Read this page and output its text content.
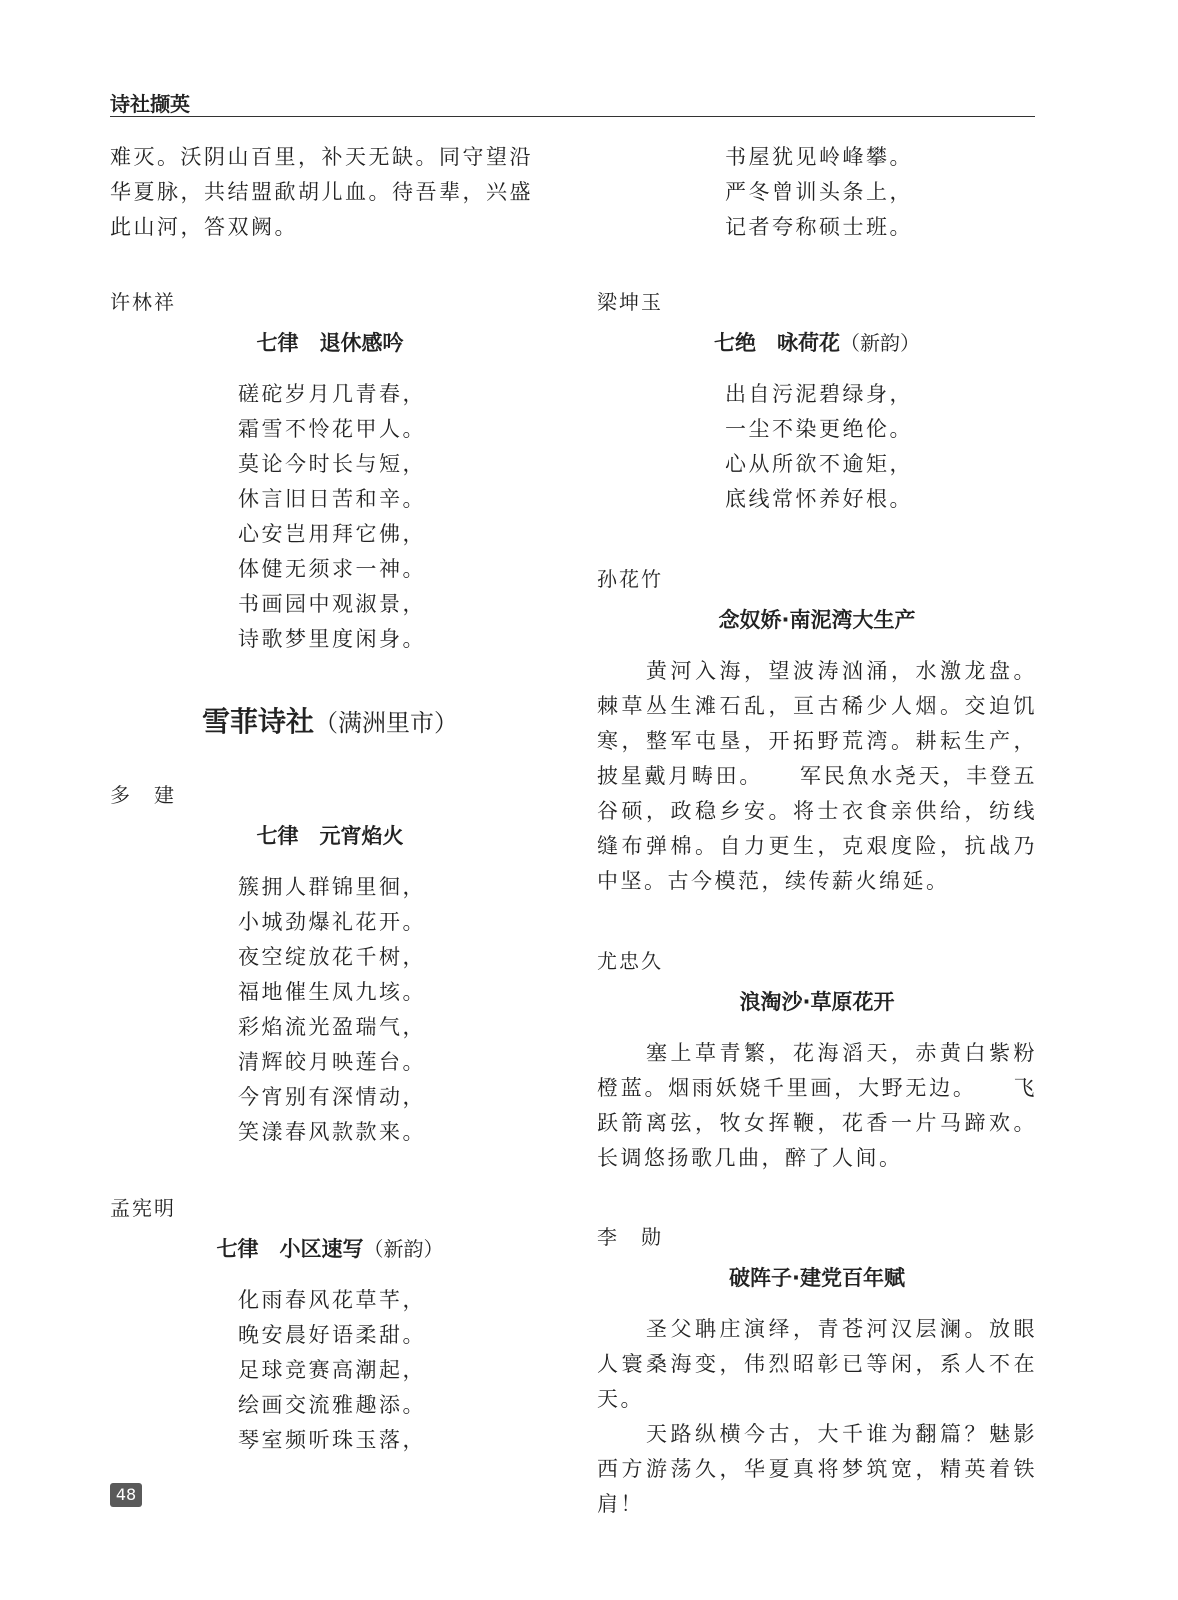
诗社撷英
难灭。沃阴山百里，补天无缺。同守望沿
华夏脉，共结盟歃胡儿血。待吾辈，兴盛
此山河，答双阙。

许林祥

七律　退休感吟
磋砣岁月几青春，
霜雪不怜花甲人。
莫论今时长与短，
休言旧日苦和辛。
心安岂用拜它佛，
体健无须求一神。
书画园中观淑景，
诗歌梦里度闲身。

雪菲诗社（满洲里市）

多　建

七律　元宵焰火
簇拥人群锦里徊，
小城劲爆礼花开。
夜空绽放花千树，
福地催生凤九垓。
彩焰流光盈瑞气，
清辉皎月映莲台。
今宵别有深情动，
笑漾春风款款来。

孟宪明

七律　小区速写（新韵）
化雨春风花草芊，
晚安晨好语柔甜。
足球竞赛高潮起，
绘画交流雅趣添。
琴室频听珠玉落，
书屋犹见岭峰攀。
严冬曾训头条上，
记者夸称硕士班。

梁坤玉

七绝　咏荷花（新韵）
出自污泥碧绿身，
一尘不染更绝伦。
心从所欲不逾矩，
底线常怀养好根。

孙花竹

念奴娇·南泥湾大生产

　　黄河入海，望波涛汹涌，水激龙盘。棘草丛生滩石乱，亘古稀少人烟。交迫饥寒，整军屯垦，开拓野荒湾。耕耘生产，披星戴月畴田。　　军民魚水尧天，丰登五谷硕，政稳乡安。将士衣食亲供给，纺线缝布弹棉。自力更生，克艰度险，抗战乃中坚。古今模范，续传薪火绵延。

尤忠久

浪淘沙·草原花开

　　塞上草青繁，花海滔天，赤黄白紫粉橙蓝。烟雨妖娆千里画，大野无边。　　飞跃箭离弦，牧女挥鞭，花香一片马蹄欢。长调悠扬歌几曲，醉了人间。

李　勋

破阵子·建党百年赋

　　圣父聃庄演绎，青苍河汉层澜。放眼人寰桑海变，伟烈昭彰已等闲，系人不在天。

　　天路纵横今古，大千谁为翻篇？魅影西方游荡久，华夏真将梦筑宽，精英着铁肩！

48
